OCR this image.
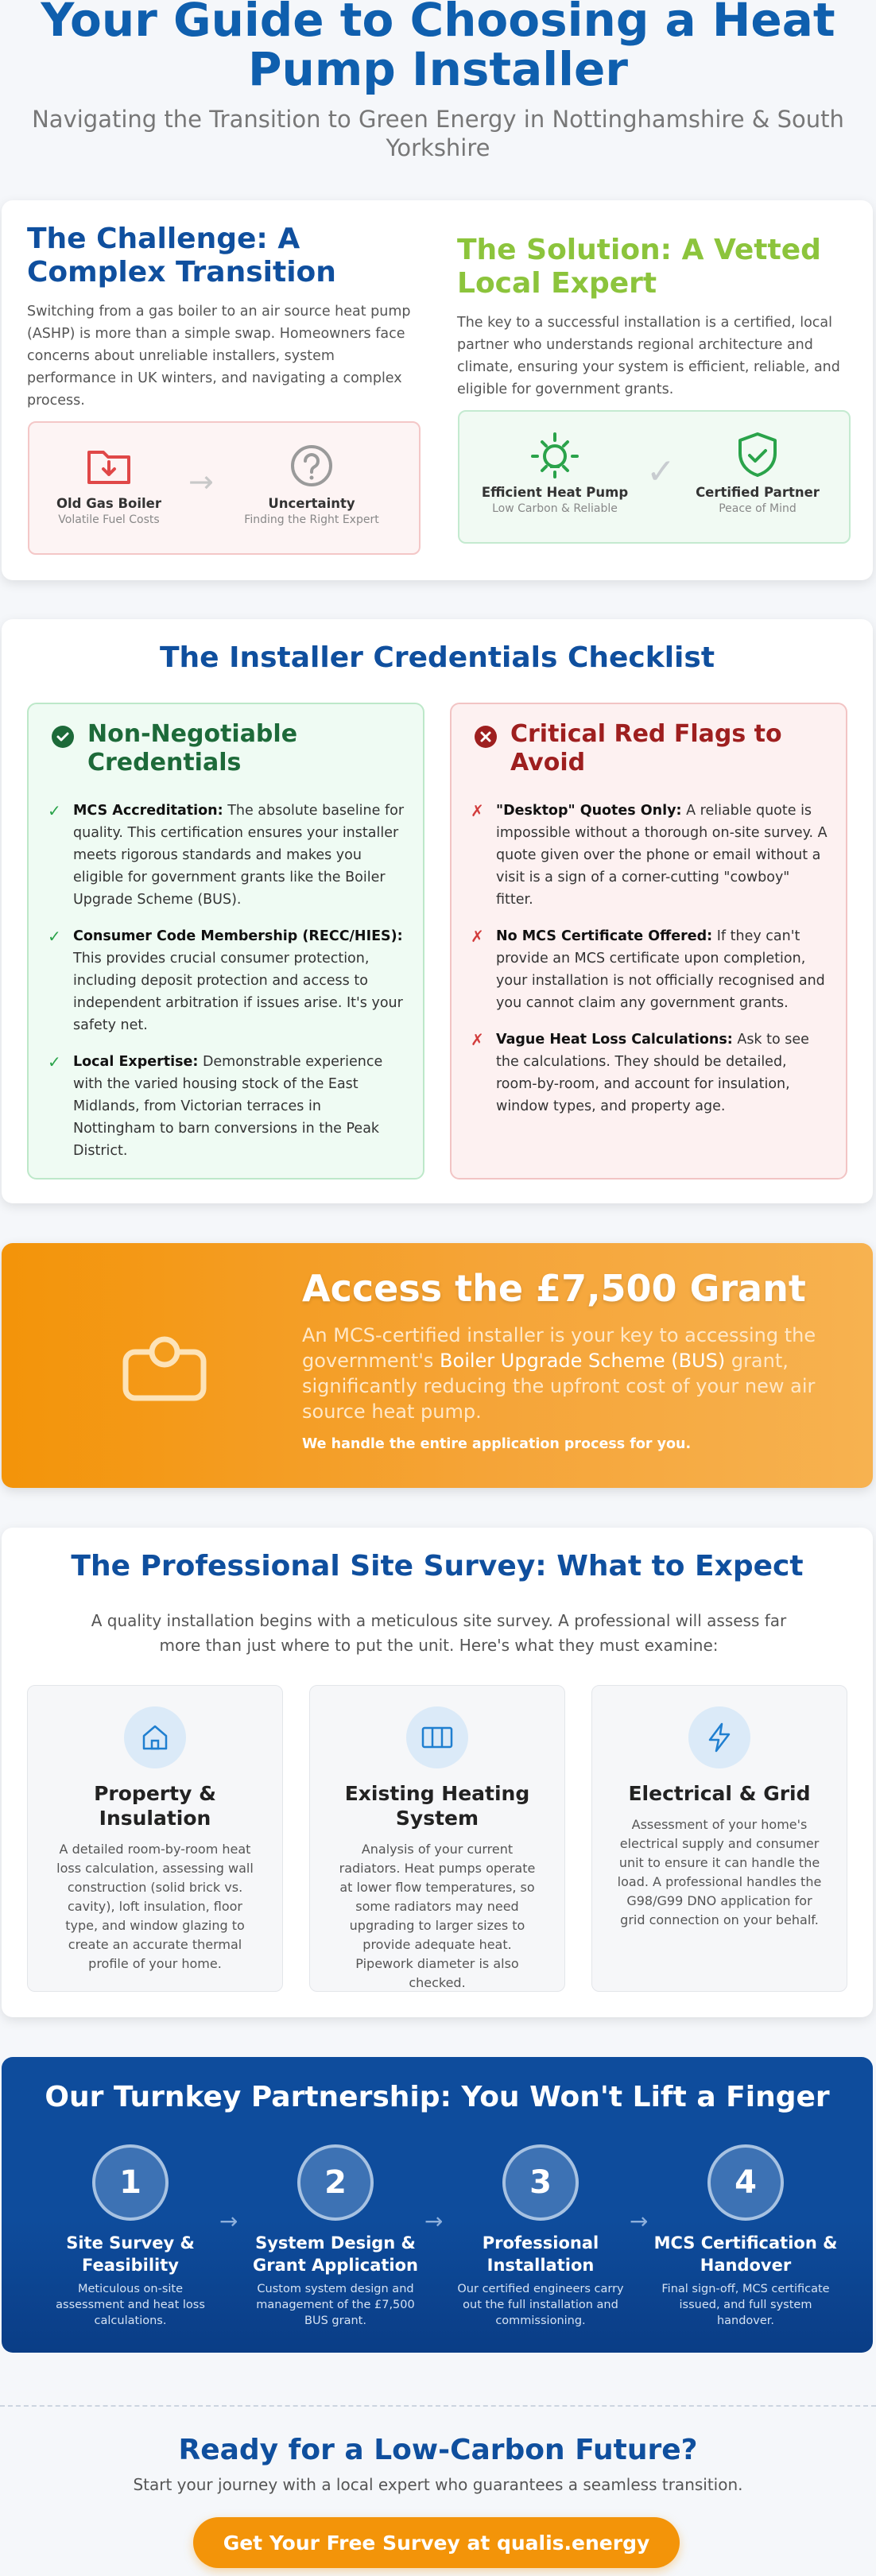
Your Guide to Choosing a Heat Pump Installer
Navigating the Transition to Green Energy in Nottinghamshire & South Yorkshire
The Challenge: A Complex Transition

Switching from a gas boiler to an air source heat pump (ASHP) is more than a simple swap. Homeowners face concerns about unreliable installers, system performance in UK winters, and navigating a complex process.

Old Gas Boiler
Volatile Fuel Costs
→
Uncertainty
Finding the Right Expert
The Solution: A Vetted Local Expert

The key to a successful installation is a certified, local partner who understands regional architecture and climate, ensuring your system is efficient, reliable, and eligible for government grants.

Efficient Heat Pump
Low Carbon & Reliable
✓
Certified Partner
Peace of Mind
The Installer Credentials Checklist
Non-Negotiable Credentials
✓ MCS Accreditation: The absolute baseline for quality. This certification ensures your installer meets rigorous standards and makes you eligible for government grants like the Boiler Upgrade Scheme (BUS).

✓ Consumer Code Membership (RECC/HIES): This provides crucial consumer protection, including deposit protection and access to independent arbitration if issues arise. It's your safety net.

✓ Local Expertise: Demonstrable experience with the varied housing stock of the East Midlands, from Victorian terraces in Nottingham to barn conversions in the Peak District.

Critical Red Flags to Avoid
✗ "Desktop" Quotes Only: A reliable quote is impossible without a thorough on-site survey. A quote given over the phone or email without a visit is a sign of a corner-cutting "cowboy" fitter.

✗ No MCS Certificate Offered: If they can't provide an MCS certificate upon completion, your installation is not officially recognised and you cannot claim any government grants.

✗ Vague Heat Loss Calculations: Ask to see the calculations. They should be detailed, room-by-room, and account for insulation, window types, and property age.

Access the £7,500 Grant

An MCS-certified installer is your key to accessing the government's Boiler Upgrade Scheme (BUS) grant, significantly reducing the upfront cost of your new air source heat pump.

We handle the entire application process for you.
The Professional Site Survey: What to Expect

A quality installation begins with a meticulous site survey. A professional will assess far more than just where to put the unit. Here's what they must examine:

Property & Insulation

A detailed room-by-room heat loss calculation, assessing wall construction (solid brick vs. cavity), loft insulation, floor type, and window glazing to create an accurate thermal profile of your home.

Existing Heating System

Analysis of your current radiators. Heat pumps operate at lower flow temperatures, so some radiators may need upgrading to larger sizes to provide adequate heat. Pipework diameter is also checked.

Electrical & Grid

Assessment of your home's electrical supply and consumer unit to ensure it can handle the load. A professional handles the G98/G99 DNO application for grid connection on your behalf.

Our Turnkey Partnership: You Won't Lift a Finger
1
Site Survey & Feasibility
Meticulous on-site assessment and heat loss calculations.
→
2
System Design & Grant Application
Custom system design and management of the £7,500 BUS grant.
→
3
Professional Installation
Our certified engineers carry out the full installation and commissioning.
→
4
MCS Certification & Handover
Final sign-off, MCS certificate issued, and full system handover.
Ready for a Low-Carbon Future?
Start your journey with a local expert who guarantees a seamless transition.
Get Your Free Survey at qualis.energy
